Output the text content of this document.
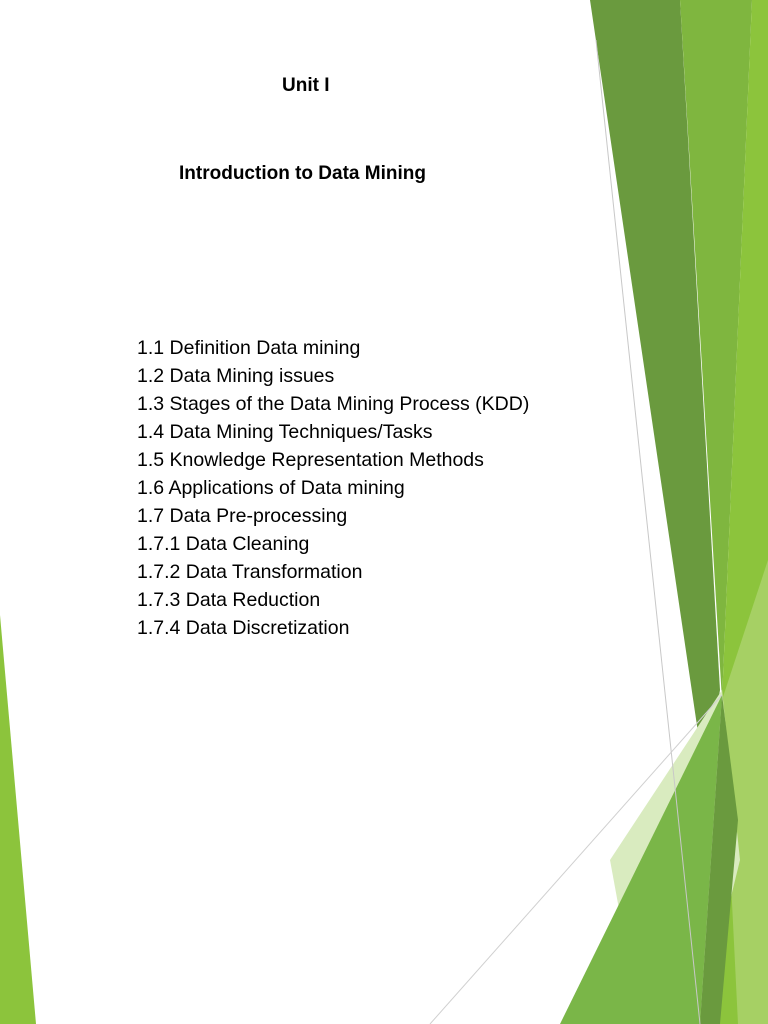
Unit I
Introduction to Data Mining
1.1 Definition Data mining
1.2 Data Mining issues
1.3 Stages of the Data Mining Process (KDD)
1.4 Data Mining Techniques/Tasks
1.5 Knowledge Representation Methods
1.6 Applications of Data mining
1.7 Data Pre-processing
1.7.1 Data Cleaning
1.7.2 Data Transformation
1.7.3 Data Reduction
1.7.4 Data Discretization
